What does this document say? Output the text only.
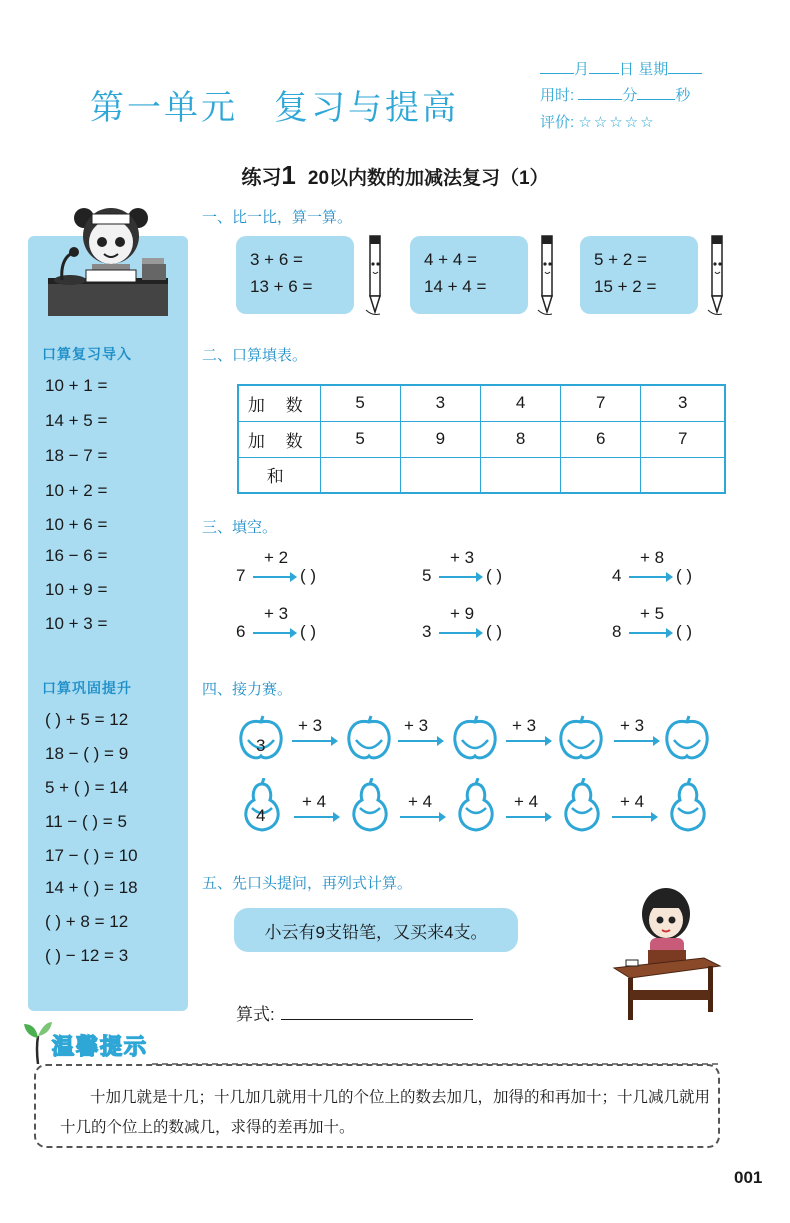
第一单元 复习与提高
月 日 星期
用时:	分	秒
评价: ☆☆☆☆☆
练习1 20以内数的加减法复习（1）
口算复习导入
10 + 1 =
14 + 5 =
18 − 7 =
10 + 2 =
10 + 6 =
16 − 6 =
10 + 9 =
10 + 3 =
口算巩固提升
( ) + 5 = 12
18 − ( ) = 9
5 + ( ) = 14
11 − ( ) = 5
17 − ( ) = 10
14 + ( ) = 18
( ) + 8 = 12
( ) − 12 = 3
一、比一比，算一算。
3 + 6 =
13 + 6 =
4 + 4 =
14 + 4 =
5 + 2 =
15 + 2 =
二、口算填表。
加 数	5	3	4	7	3
加 数	5	9	8	6	7
和					
三、填空。
7
+ 2
( )	5
+ 3
( )	4
+ 8
( )
6
+ 3
( )	3
+ 9
( )	8
+ 5
( )
四、接力赛。
3
+ 3	+ 3	+ 3	+ 3
4
+ 4	+ 4	+ 4	+ 4
五、先口头提问，再列式计算。
小云有9支铅笔，又买来4支。
算式:
温馨提示
十加几就是十几；十几加几就用十几的个位上的数去加几，加得的和再加十；十几减几就用十几的个位上的数减几，求得的差再加十。
001
